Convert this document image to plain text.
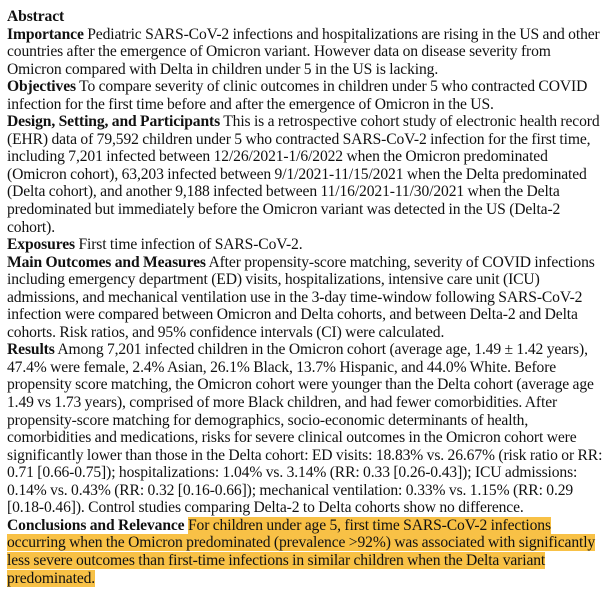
Abstract

Importance Pediatric SARS-CoV-2 infections and hospitalizations are rising in the US and other countries after the emergence of Omicron variant. However data on disease severity from Omicron compared with Delta in children under 5 in the US is lacking.

Objectives To compare severity of clinic outcomes in children under 5 who contracted COVID infection for the first time before and after the emergence of Omicron in the US.

Design, Setting, and Participants This is a retrospective cohort study of electronic health record (EHR) data of 79,592 children under 5 who contracted SARS-CoV-2 infection for the first time, including 7,201 infected between 12/26/2021-1/6/2022 when the Omicron predominated (Omicron cohort), 63,203 infected between 9/1/2021-11/15/2021 when the Delta predominated (Delta cohort), and another 9,188 infected between 11/16/2021-11/30/2021 when the Delta predominated but immediately before the Omicron variant was detected in the US (Delta-2 cohort).

Exposures First time infection of SARS-CoV-2.

Main Outcomes and Measures After propensity-score matching, severity of COVID infections including emergency department (ED) visits, hospitalizations, intensive care unit (ICU) admissions, and mechanical ventilation use in the 3-day time-window following SARS-CoV-2 infection were compared between Omicron and Delta cohorts, and between Delta-2 and Delta cohorts. Risk ratios, and 95% confidence intervals (CI) were calculated.

Results Among 7,201 infected children in the Omicron cohort (average age, 1.49 ± 1.42 years), 47.4% were female, 2.4% Asian, 26.1% Black, 13.7% Hispanic, and 44.0% White. Before propensity score matching, the Omicron cohort were younger than the Delta cohort (average age 1.49 vs 1.73 years), comprised of more Black children, and had fewer comorbidities. After propensity-score matching for demographics, socio-economic determinants of health, comorbidities and medications, risks for severe clinical outcomes in the Omicron cohort were significantly lower than those in the Delta cohort: ED visits: 18.83% vs. 26.67% (risk ratio or RR: 0.71 [0.66-0.75]); hospitalizations: 1.04% vs. 3.14% (RR: 0.33 [0.26-0.43]); ICU admissions: 0.14% vs. 0.43% (RR: 0.32 [0.16-0.66]); mechanical ventilation: 0.33% vs. 1.15% (RR: 0.29 [0.18-0.46]). Control studies comparing Delta-2 to Delta cohorts show no difference.

Conclusions and Relevance For children under age 5, first time SARS-CoV-2 infections occurring when the Omicron predominated (prevalence >92%) was associated with significantly less severe outcomes than first-time infections in similar children when the Delta variant predominated.
